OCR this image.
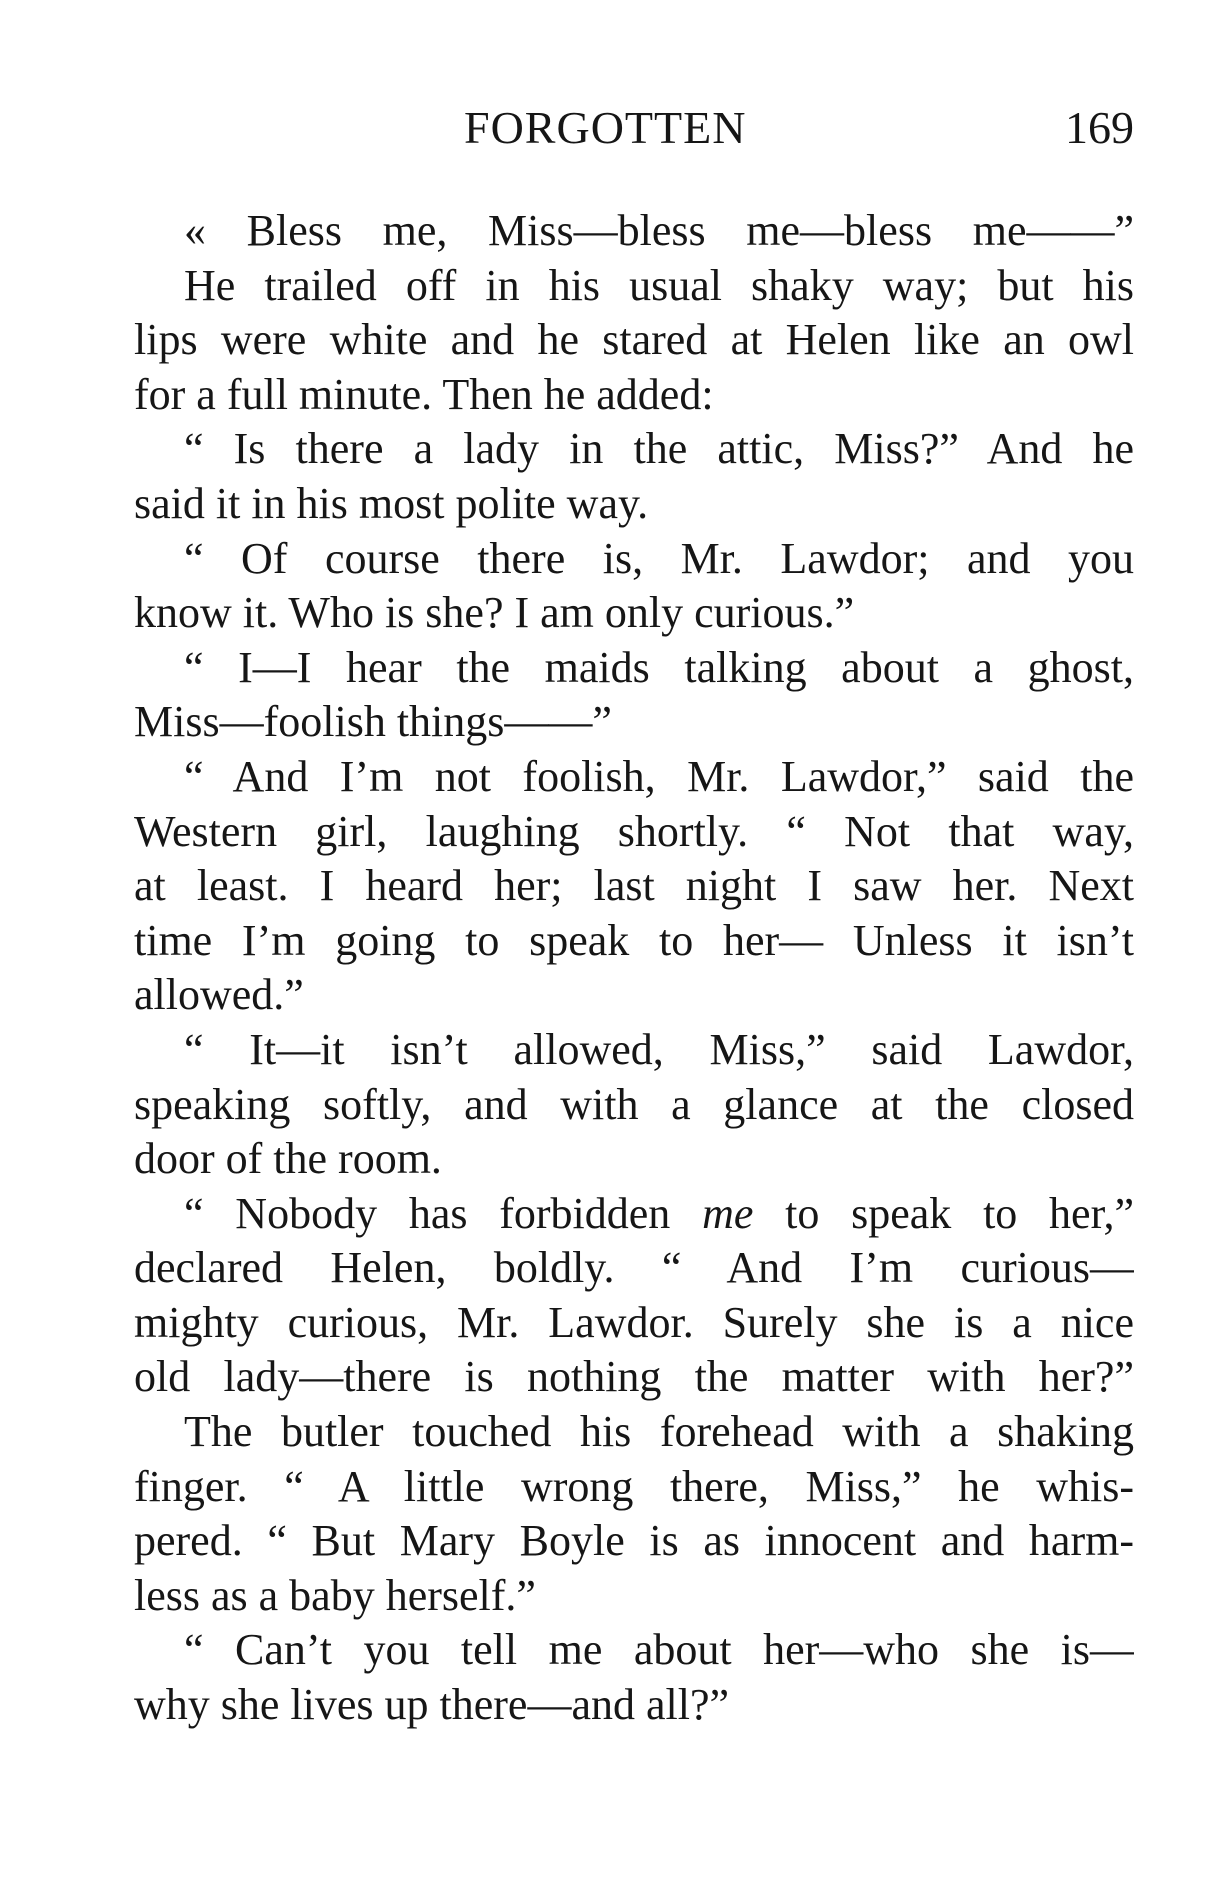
FORGOTTEN	169
« Bless me, Miss—bless me—bless me——”
He trailed off in his usual shaky way; but his
lips were white and he stared at Helen like an owl
for a full minute. Then he added:
“ Is there a lady in the attic, Miss?” And he
said it in his most polite way.
“ Of course there is, Mr. Lawdor; and you
know it. Who is she? I am only curious.”
“ I—I hear the maids talking about a ghost,
Miss—foolish things——”
“ And I’m not foolish, Mr. Lawdor,” said the
Western girl, laughing shortly. “ Not that way,
at least. I heard her; last night I saw her. Next
time I’m going to speak to her— Unless it isn’t
allowed.”
“ It—it isn’t allowed, Miss,” said Lawdor,
speaking softly, and with a glance at the closed
door of the room.
“ Nobody has forbidden me to speak to her,”
declared Helen, boldly. “ And I’m curious—
mighty curious, Mr. Lawdor. Surely she is a nice
old lady—there is nothing the matter with her?”
The butler touched his forehead with a shaking
finger. “ A little wrong there, Miss,” he whis-
pered. “ But Mary Boyle is as innocent and harm-
less as a baby herself.”
“ Can’t you tell me about her—who she is—
why she lives up there—and all?”
